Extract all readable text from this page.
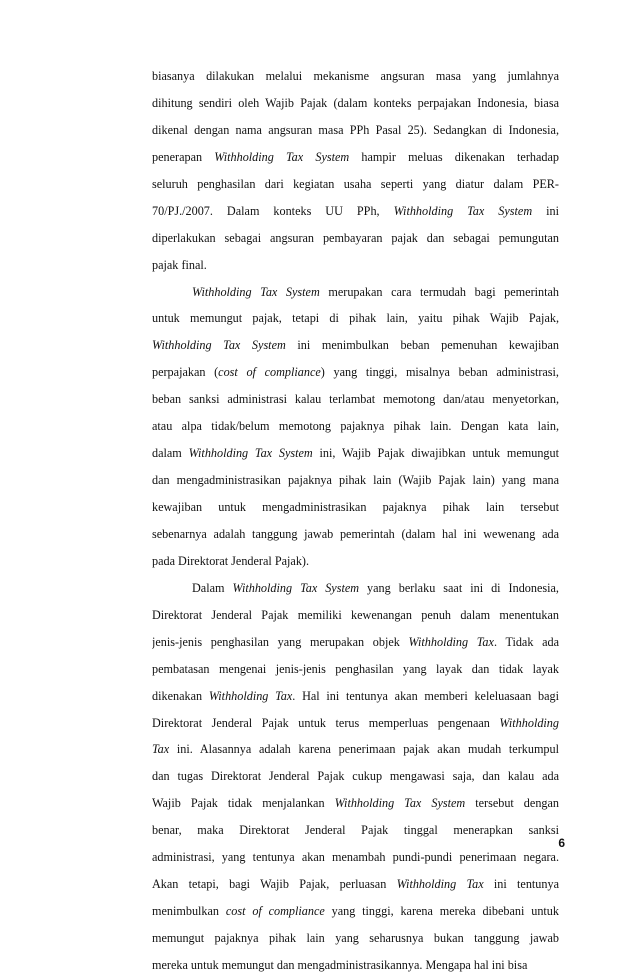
biasanya dilakukan melalui mekanisme angsuran masa yang jumlahnya
dihitung sendiri oleh Wajib Pajak (dalam konteks perpajakan Indonesia, biasa
dikenal dengan nama angsuran masa PPh Pasal 25). Sedangkan di Indonesia,
penerapan Withholding Tax System hampir meluas dikenakan terhadap
seluruh penghasilan dari kegiatan usaha seperti yang diatur dalam PER-
70/PJ./2007. Dalam konteks UU PPh, Withholding Tax System ini
diperlakukan sebagai angsuran pembayaran pajak dan sebagai pemungutan
pajak final.
Withholding Tax System merupakan cara termudah bagi pemerintah
untuk memungut pajak, tetapi di pihak lain, yaitu pihak Wajib Pajak,
Withholding Tax System ini menimbulkan beban pemenuhan kewajiban
perpajakan (cost of compliance) yang tinggi, misalnya beban administrasi,
beban sanksi administrasi kalau terlambat memotong dan/atau menyetorkan,
atau alpa tidak/belum memotong pajaknya pihak lain. Dengan kata lain,
dalam Withholding Tax System ini, Wajib Pajak diwajibkan untuk memungut
dan mengadministrasikan pajaknya pihak lain (Wajib Pajak lain) yang mana
kewajiban untuk mengadministrasikan pajaknya pihak lain tersebut
sebenarnya adalah tanggung jawab pemerintah (dalam hal ini wewenang ada
pada Direktorat Jenderal Pajak).
Dalam Withholding Tax System yang berlaku saat ini di Indonesia,
Direktorat Jenderal Pajak memiliki kewenangan penuh dalam menentukan
jenis-jenis penghasilan yang merupakan objek Withholding Tax. Tidak ada
pembatasan mengenai jenis-jenis penghasilan yang layak dan tidak layak
dikenakan Withholding Tax. Hal ini tentunya akan memberi keleluasaan bagi
Direktorat Jenderal Pajak untuk terus memperluas pengenaan Withholding
Tax ini. Alasannya adalah karena penerimaan pajak akan mudah terkumpul
dan tugas Direktorat Jenderal Pajak cukup mengawasi saja, dan kalau ada
Wajib Pajak tidak menjalankan Withholding Tax System tersebut dengan
benar, maka Direktorat Jenderal Pajak tinggal menerapkan sanksi
administrasi, yang tentunya akan menambah pundi-pundi penerimaan negara.
Akan tetapi, bagi Wajib Pajak, perluasan Withholding Tax ini tentunya
menimbulkan cost of compliance yang tinggi, karena mereka dibebani untuk
memungut pajaknya pihak lain yang seharusnya bukan tanggung jawab
mereka untuk memungut dan mengadministrasikannya. Mengapa hal ini bisa
6
